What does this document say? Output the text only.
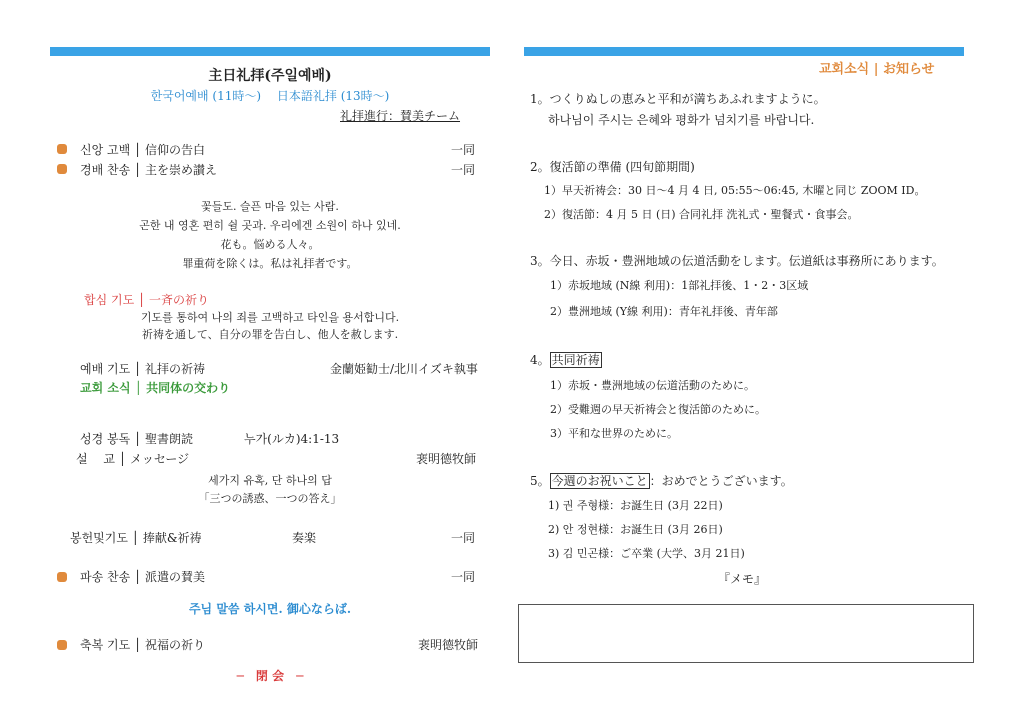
主日礼拝(주일예배)
한국어예배 (11時〜)　 日本語礼拝 (13時〜)
礼拝進行：賛美チーム
신앙 고백 │ 信仰の告白	一同
경배 찬송 │ 主を崇め讃え	一同
꽃들도. 슬픈 마음 있는 사람.
곤한 내 영혼 편히 쉴 곳과. 우리에겐 소원이 하나 있네.
花も。悩める人々。
罪重荷を除くは。私は礼拝者です。
합심 기도 │ 一斉の祈り
기도를 통하여 나의 죄를 고백하고 타인을 용서합니다.
祈祷を通して、自分の罪を告白し、他人を赦します.
예배 기도 │ 礼拝の祈祷	金蘭姫勧士/北川イズキ執事
교회 소식 │ 共同体の交わり
성경 봉독 │ 聖書朗読	누가(ルカ)4:1-13
설　 교 │ メッセージ	裵明德牧師
세가지 유혹, 단 하나의 답
「三つの誘惑、一つの答え」
봉헌및기도 │ 捧献&祈祷	奏楽	一同
파송 찬송 │ 派遣の賛美	一同
주님 말씀 하시면. 御心ならば.
축복 기도 │ 祝福の祈り	裵明德牧師
─　閉 会　─
교회소식 | お知らせ
1。つくりぬしの恵みと平和が満ちあふれますように。
하나님이 주시는 은혜와 평화가 넘치기를 바랍니다.
2。復活節の準備 (四旬節期間)
1）早天祈祷会：30 日〜4 月 4 日, 05:55〜06:45, 木曜と同じ ZOOM ID。
2）復活節：4 月 5 日 (日) 合同礼拝 洗礼式・聖餐式・食事会。
3。今日、赤坂・豊洲地域の伝道活動をします。伝道紙は事務所にあります。
1）赤坂地域 (N線 利用)：1部礼拝後、1・2・3区域
2）豊洲地域 (Y線 利用)：青年礼拝後、青年部
4。 共同祈祷
1）赤坂・豊洲地域の伝道活動のために。
2）受難週の早天祈祷会と復活節のために。
3）平和な世界のために。
5。 今週のお祝いこと ：おめでとうございます。
1) 권 주형様：お誕生日 (3月 22日)
2) 안 정현様：お誕生日 (3月 26日)
3) 김 민곤様：ご卒業 (大学、3月 21日)
『メモ』
